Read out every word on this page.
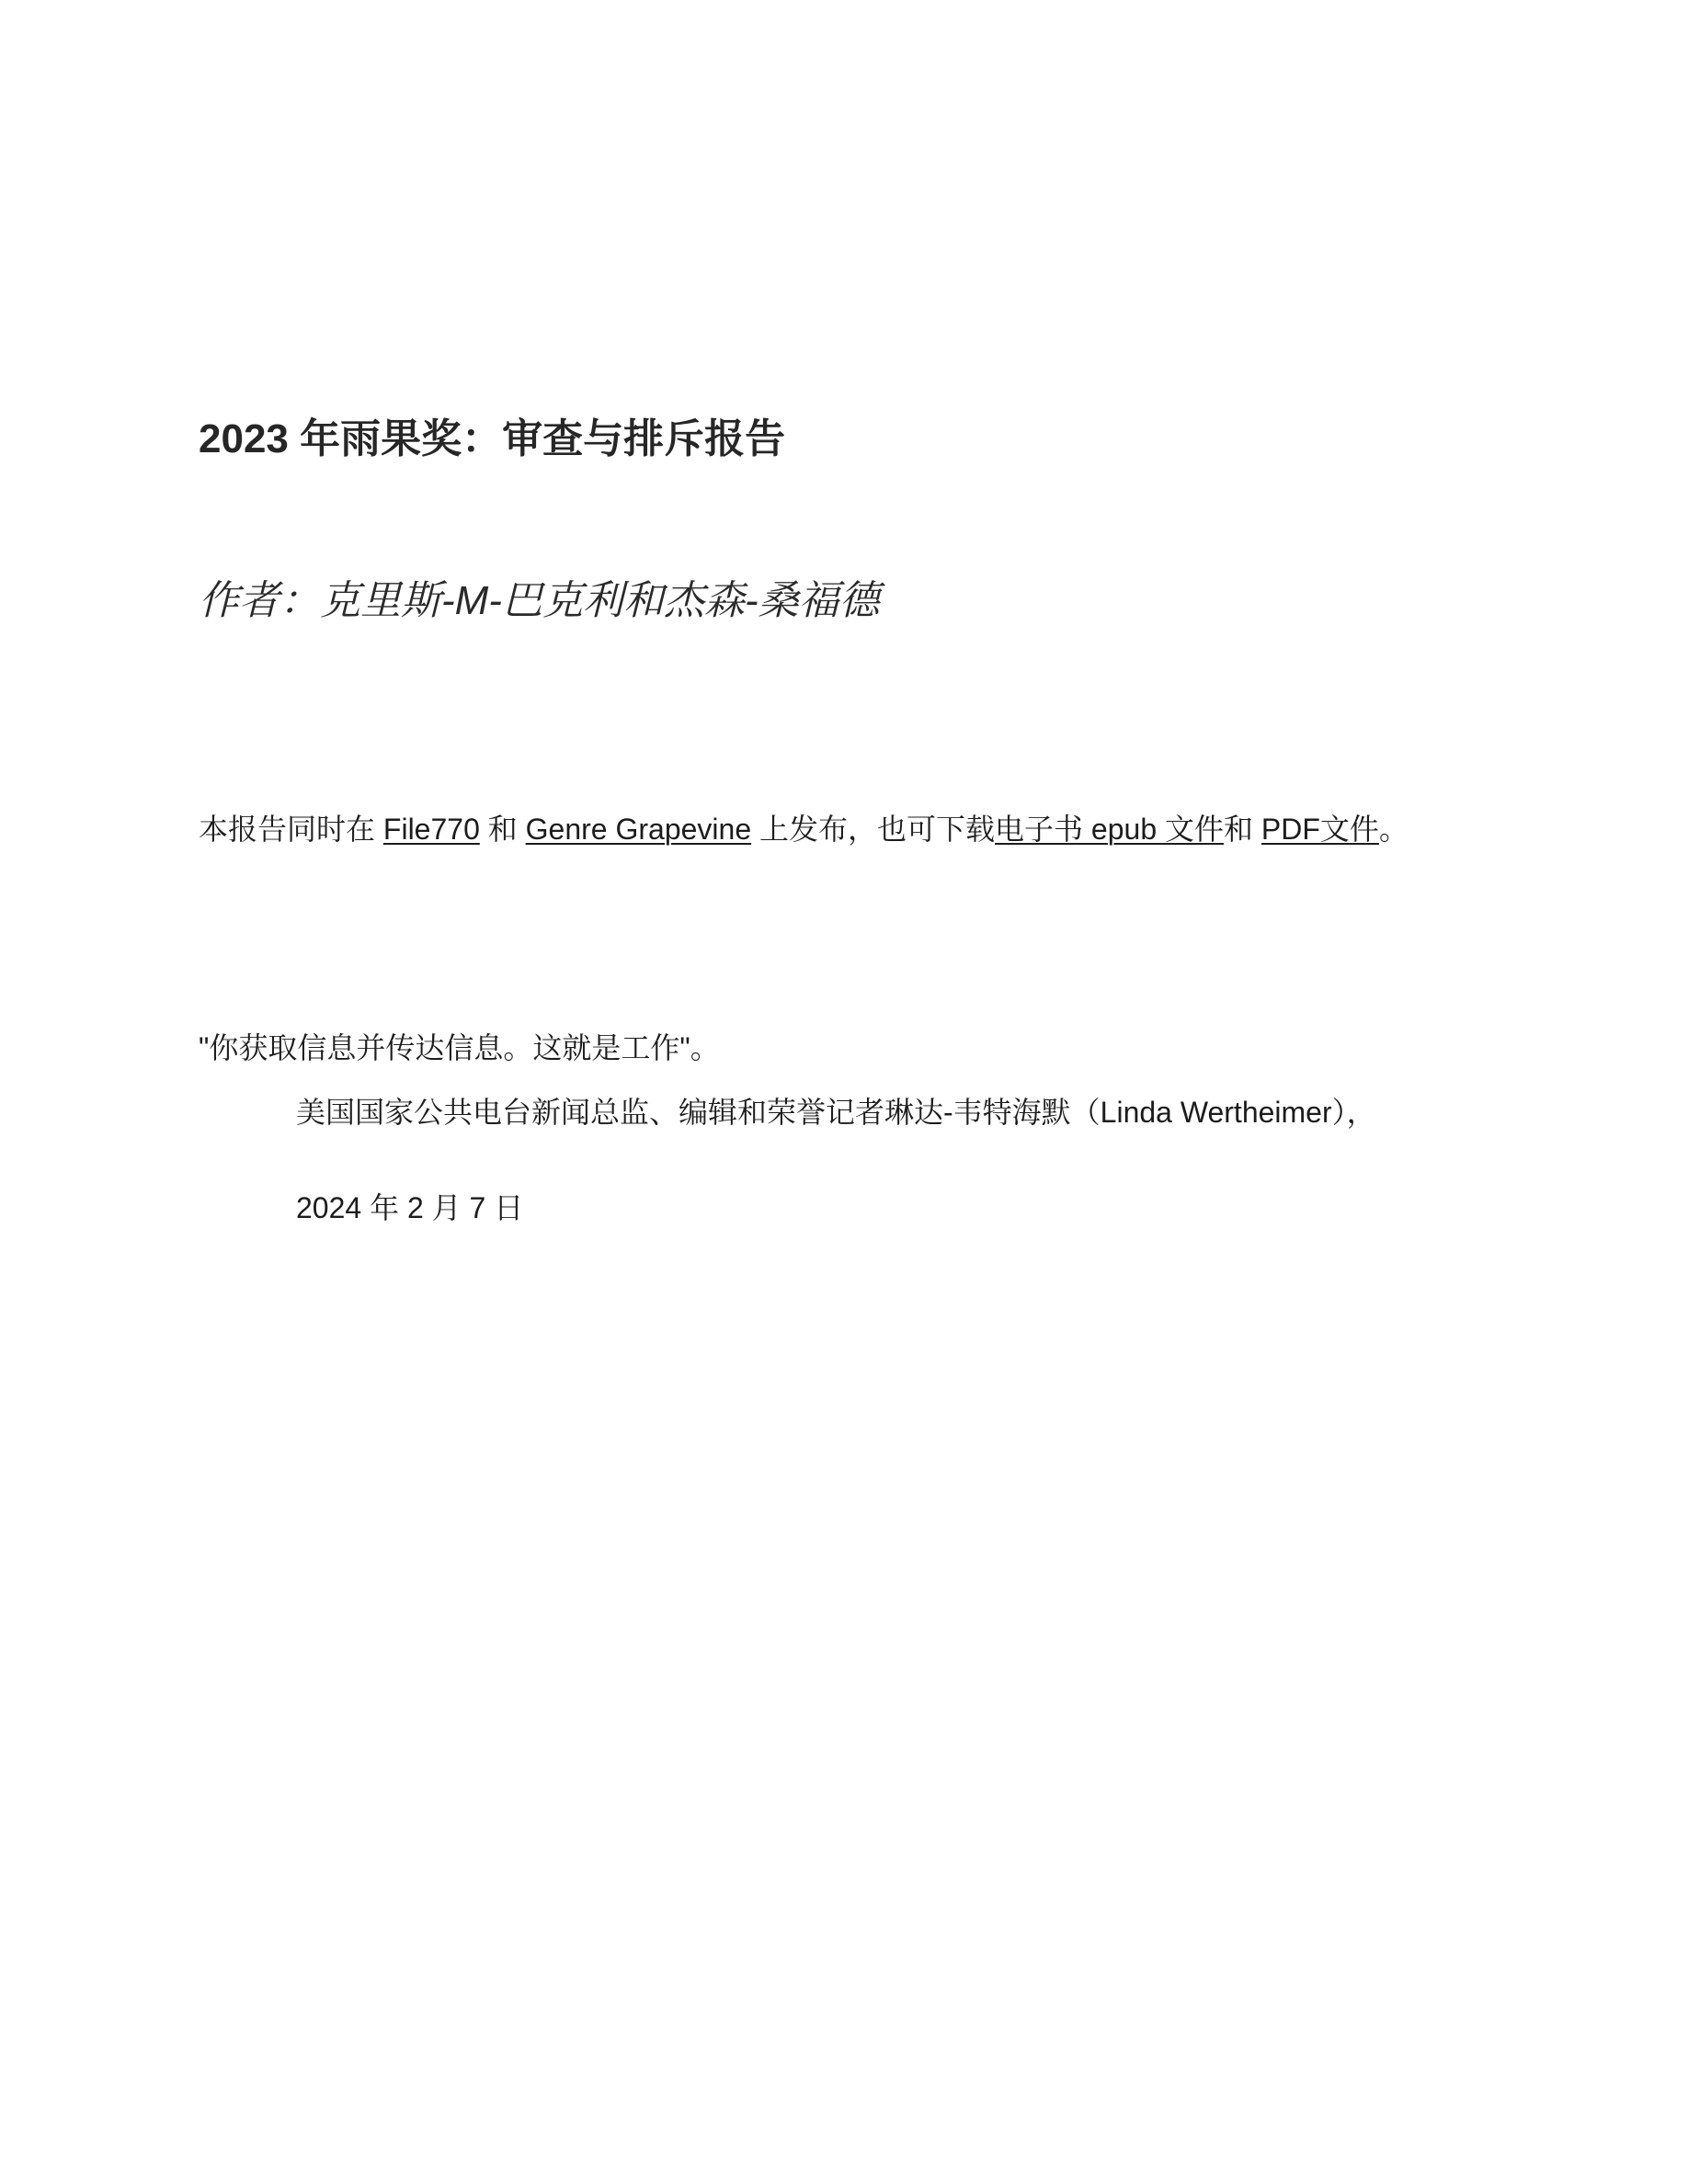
2023 年雨果奖：审查与排斥报告
作者：克里斯-M-巴克利和杰森-桑福德
本报告同时在 File770 和 Genre Grapevine 上发布，也可下载电子书 epub 文件和 PDF文件。
"你获取信息并传达信息。这就是工作"。
美国国家公共电台新闻总监、编辑和荣誉记者琳达-韦特海默（Linda Wertheimer），
2024 年 2 月 7 日
